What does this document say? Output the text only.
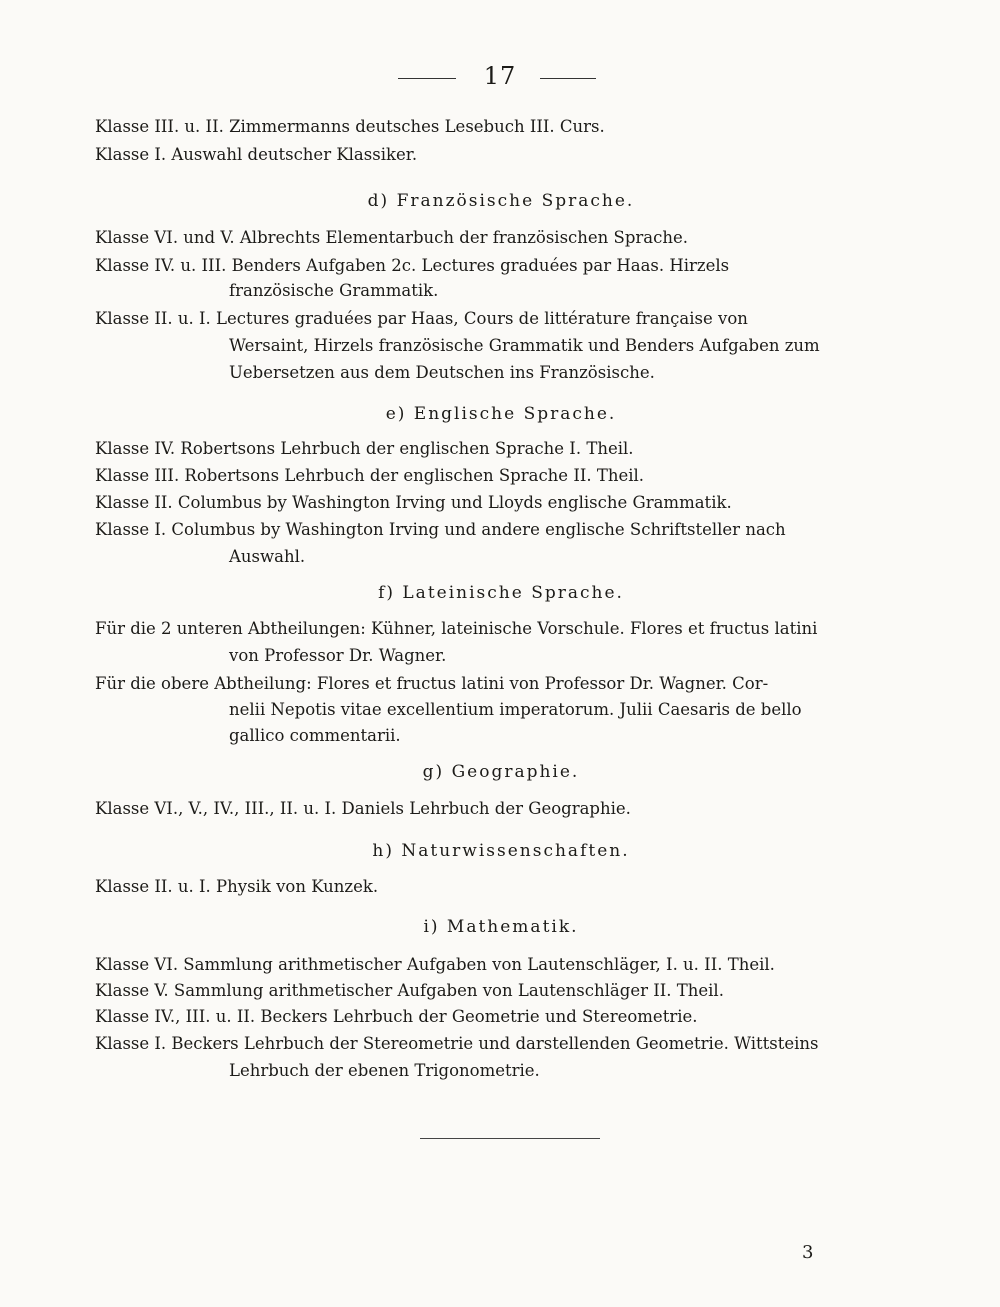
17
Klasse III. u. II. Zimmermanns deutsches Lesebuch III. Curs.
Klasse I. Auswahl deutscher Klassiker.
d) Französische Sprache.
Klasse VI. und V. Albrechts Elementarbuch der französischen Sprache.
Klasse IV. u. III. Benders Aufgaben 2c. Lectures graduées par Haas. Hirzels
französische Grammatik.
Klasse II. u. I. Lectures graduées par Haas, Cours de littérature française von
Wersaint, Hirzels französische Grammatik und Benders Aufgaben zum
Uebersetzen aus dem Deutschen ins Französische.
e) Englische Sprache.
Klasse IV. Robertsons Lehrbuch der englischen Sprache I. Theil.
Klasse III. Robertsons Lehrbuch der englischen Sprache II. Theil.
Klasse II. Columbus by Washington Irving und Lloyds englische Grammatik.
Klasse I. Columbus by Washington Irving und andere englische Schriftsteller nach
Auswahl.
f) Lateinische Sprache.
Für die 2 unteren Abtheilungen: Kühner, lateinische Vorschule. Flores et fructus latini
von Professor Dr. Wagner.
Für die obere Abtheilung: Flores et fructus latini von Professor Dr. Wagner. Cor-
nelii Nepotis vitae excellentium imperatorum. Julii Caesaris de bello
gallico commentarii.
g) Geographie.
Klasse VI., V., IV., III., II. u. I. Daniels Lehrbuch der Geographie.
h) Naturwissenschaften.
Klasse II. u. I. Physik von Kunzek.
i) Mathematik.
Klasse VI. Sammlung arithmetischer Aufgaben von Lautenschläger, I. u. II. Theil.
Klasse V. Sammlung arithmetischer Aufgaben von Lautenschläger II. Theil.
Klasse IV., III. u. II. Beckers Lehrbuch der Geometrie und Stereometrie.
Klasse I. Beckers Lehrbuch der Stereometrie und darstellenden Geometrie. Wittsteins
Lehrbuch der ebenen Trigonometrie.
3
